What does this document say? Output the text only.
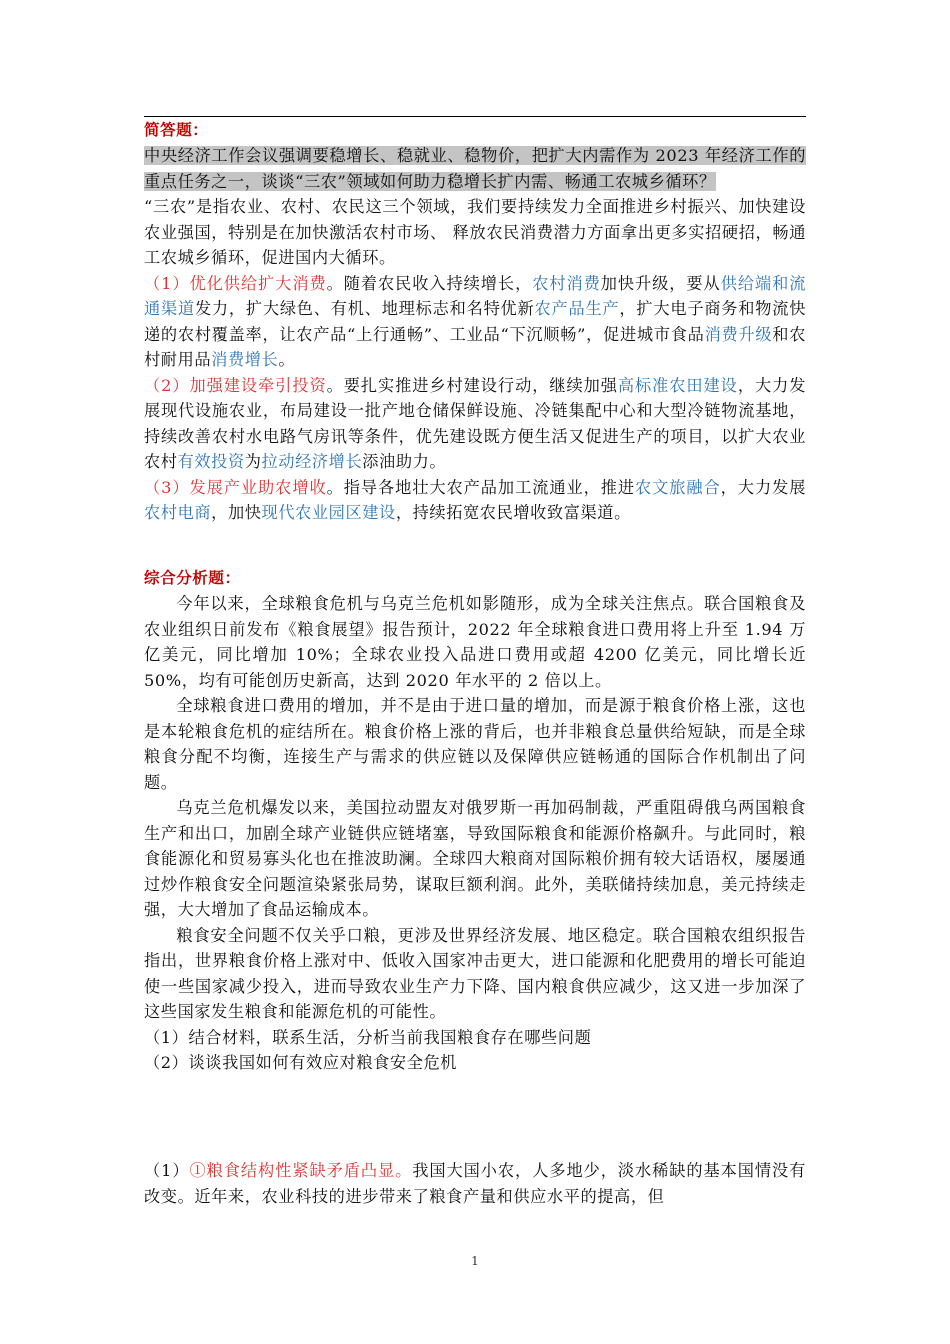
简答题：

中央经济工作会议强调要稳增长、稳就业、稳物价，把扩大内需作为 2023 年经济工作的重点任务之一，谈谈“三农”领域如何助力稳增长扩内需、畅通工农城乡循环？

“三农”是指农业、农村、农民这三个领域，我们要持续发力全面推进乡村振兴、加快建设农业强国，特别是在加快激活农村市场、 释放农民消费潜力方面拿出更多实招硬招，畅通工农城乡循环，促进国内大循环。

（1）优化供给扩大消费。随着农民收入持续增长，农村消费加快升级，要从供给端和流通渠道发力，扩大绿色、有机、地理标志和名特优新农产品生产，扩大电子商务和物流快递的农村覆盖率，让农产品“上行通畅”、工业品“下沉顺畅”，促进城市食品消费升级和农村耐用品消费增长。

（2）加强建设牵引投资。要扎实推进乡村建设行动，继续加强高标准农田建设，大力发展现代设施农业，布局建设一批产地仓储保鲜设施、冷链集配中心和大型冷链物流基地，持续改善农村水电路气房讯等条件，优先建设既方便生活又促进生产的项目，以扩大农业农村有效投资为拉动经济增长添油助力。

（3）发展产业助农增收。指导各地壮大农产品加工流通业，推进农文旅融合，大力发展农村电商，加快现代农业园区建设，持续拓宽农民增收致富渠道。

综合分析题：

今年以来，全球粮食危机与乌克兰危机如影随形，成为全球关注焦点。联合国粮食及农业组织日前发布《粮食展望》报告预计，2022 年全球粮食进口费用将上升至 1.94 万亿美元，同比增加 10%；全球农业投入品进口费用或超 4200 亿美元，同比增长近 50%，均有可能创历史新高，达到 2020 年水平的 2 倍以上。

全球粮食进口费用的增加，并不是由于进口量的增加，而是源于粮食价格上涨，这也是本轮粮食危机的症结所在。粮食价格上涨的背后，也并非粮食总量供给短缺，而是全球粮食分配不均衡，连接生产与需求的供应链以及保障供应链畅通的国际合作机制出了问题。

乌克兰危机爆发以来，美国拉动盟友对俄罗斯一再加码制裁，严重阻碍俄乌两国粮食生产和出口，加剧全球产业链供应链堵塞，导致国际粮食和能源价格飙升。与此同时，粮食能源化和贸易寡头化也在推波助澜。全球四大粮商对国际粮价拥有较大话语权，屡屡通过炒作粮食安全问题渲染紧张局势，谋取巨额利润。此外，美联储持续加息，美元持续走强，大大增加了食品运输成本。

粮食安全问题不仅关乎口粮，更涉及世界经济发展、地区稳定。联合国粮农组织报告指出，世界粮食价格上涨对中、低收入国家冲击更大，进口能源和化肥费用的增长可能迫使一些国家减少投入，进而导致农业生产力下降、国内粮食供应减少，这又进一步加深了这些国家发生粮食和能源危机的可能性。

（1）结合材料，联系生活，分析当前我国粮食存在哪些问题

（2）谈谈我国如何有效应对粮食安全危机

（1）①粮食结构性紧缺矛盾凸显。我国大国小农，人多地少，淡水稀缺的基本国情没有改变。近年来，农业科技的进步带来了粮食产量和供应水平的提高，但

1
